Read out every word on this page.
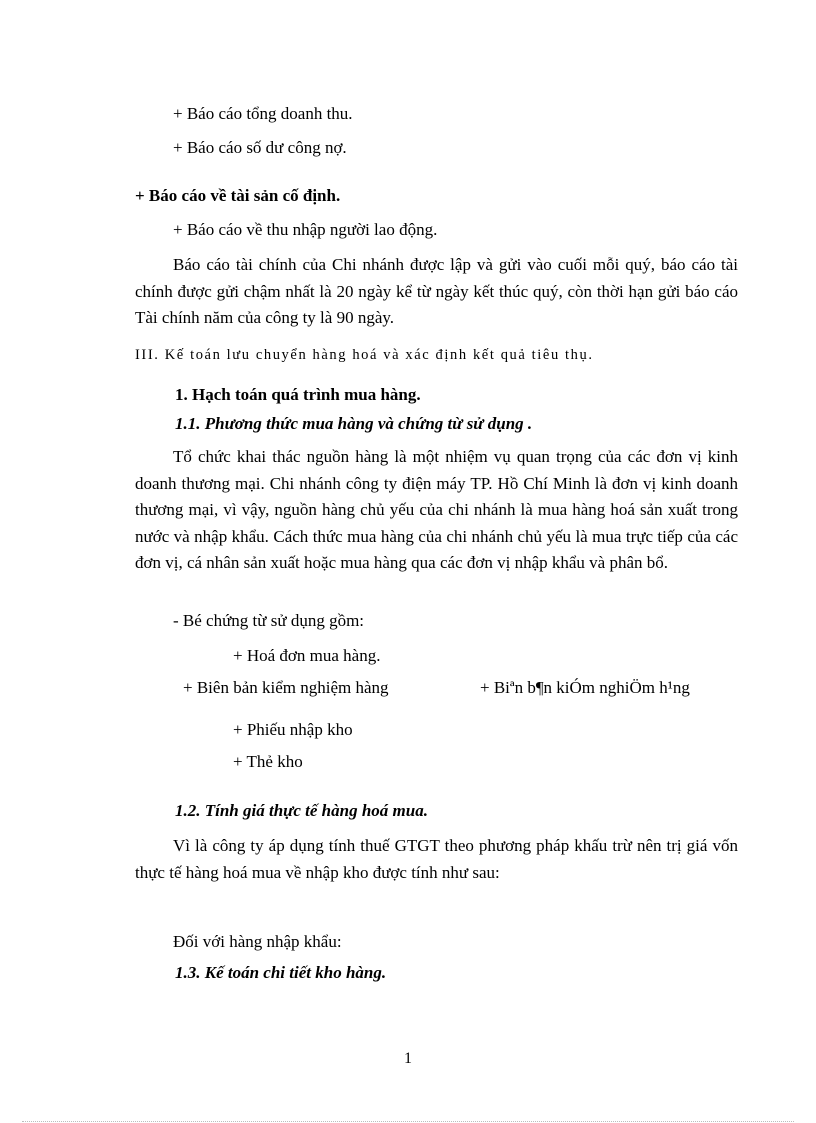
+ Báo cáo tổng doanh thu.
+ Báo cáo số dư công nợ.
+ Báo cáo về tài sản cố định.
+ Báo cáo về thu nhập người lao động.
Báo cáo tài chính của Chi nhánh được lập và gửi vào cuối mỗi quý, báo cáo tài chính được gửi chậm nhất là 20 ngày kể từ ngày kết thúc quý, còn thời hạn gửi báo cáo Tài chính năm của công ty là 90 ngày.
III. Kế toán lưu chuyển hàng hoá và xác định kết quả tiêu thụ.
1. Hạch toán quá trình mua hàng.
1.1. Phương thức mua hàng và chứng từ sử dụng .
Tổ chức khai thác nguồn hàng là một nhiệm vụ quan trọng của các đơn vị kinh doanh thương mại. Chi nhánh công ty điện máy TP. Hồ Chí Minh là đơn vị kinh doanh thương mại, vì vậy, nguồn hàng chủ yếu của chi nhánh là mua hàng hoá sản xuất trong nước và nhập khẩu. Cách thức mua hàng của chi nhánh chủ yếu là mua trực tiếp của các đơn vị, cá nhân sản xuất hoặc mua hàng qua các đơn vị nhập khẩu và phân bổ.
- Bé chứng từ sử dụng gồm:
+ Hoá đơn mua hàng.
+ Biên bản kiểm nghiệm hàng	+ Biªn b¶n kiÓm nghiÖm h¹ng
+ Phiếu nhập kho
+ Thẻ kho
1.2. Tính giá thực tế hàng hoá mua.
Vì là công ty áp dụng tính thuế GTGT theo phương pháp khấu trừ nên trị giá vốn thực tế hàng hoá mua về nhập kho được tính như sau:
Đối với hàng nhập khẩu:
1.3. Kế toán chi tiết kho hàng.
1
